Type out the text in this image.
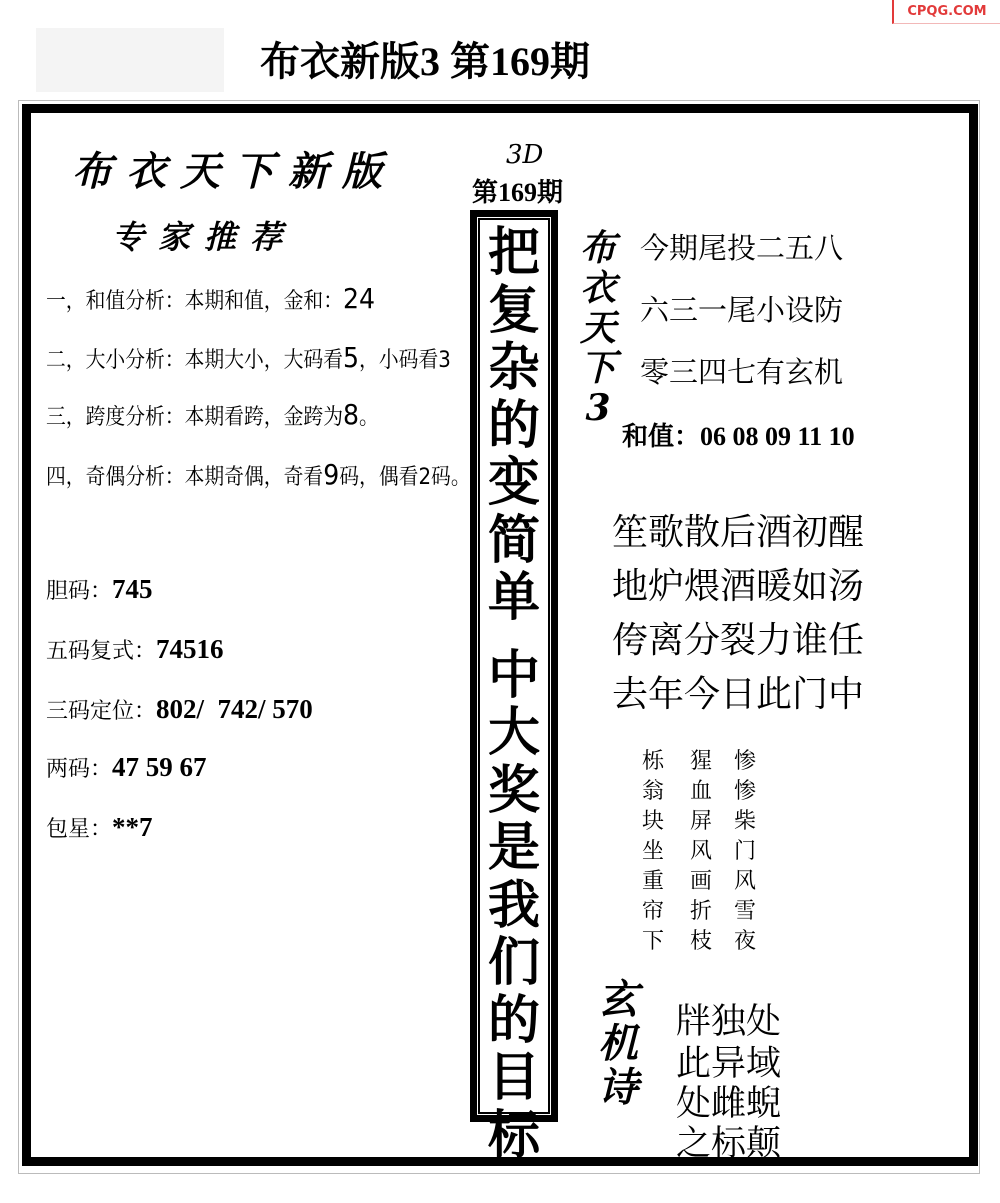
CPQG.COM
布衣新版3 第169期
布衣天下新版
专家推荐
一，和值分析：本期和值，金和：24
二，大小分析：本期大小，大码看5，小码看3
三，跨度分析：本期看跨，金跨为8。
四，奇偶分析：本期奇偶，奇看9码，偶看2码。
胆码：745
五码复式：74516
三码定位：802/  742/ 570
两码：47 59 67
包星：**7
3D
第169期
把
复
杂
的
变
简
单
中
大
奖
是
我
们
的
目
标
布
衣
天
下
3
今期尾投二五八
六三一尾小设防
零三四七有玄机
和值：06 08 09 11 10
笙歌散后酒初醒
地炉煨酒暖如汤
侉离分裂力谁任
去年今日此门中
栎
翁
块
坐
重
帘
下
猩
血
屏
风
画
折
枝
惨
惨
柴
门
风
雪
夜
玄
机
诗
牉独处
此异域
处雌蜺
之标颠
